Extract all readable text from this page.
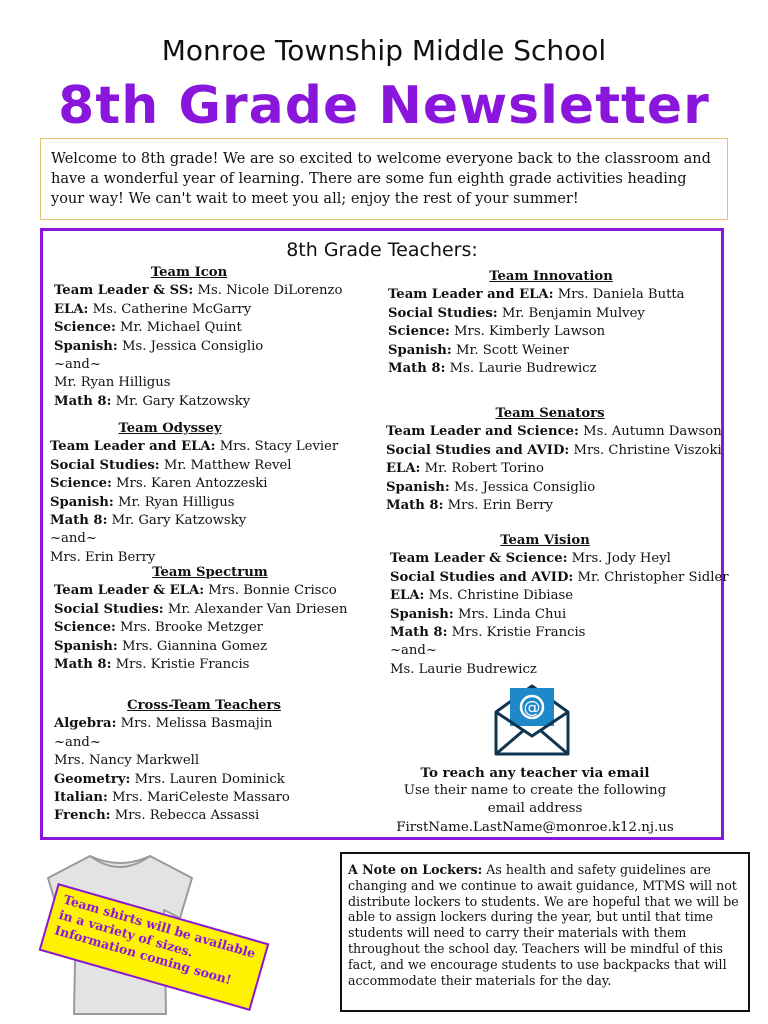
Monroe Township Middle School
8th Grade Newsletter
Welcome to 8th grade! We are so excited to welcome everyone back to the classroom and have a wonderful year of learning. There are some fun eighth grade activities heading your way! We can't wait to meet you all; enjoy the rest of your summer!
8th Grade Teachers:
Team Icon
Team Leader & SS: Ms. Nicole DiLorenzo
ELA: Ms. Catherine McGarry
Science: Mr. Michael Quint
Spanish: Ms. Jessica Consiglio
~and~
Mr. Ryan Hilligus
Math 8: Mr. Gary Katzowsky
Team Odyssey
Team Leader and ELA: Mrs. Stacy Levier
Social Studies: Mr. Matthew Revel
Science: Mrs. Karen Antozzeski
Spanish: Mr. Ryan Hilligus
Math 8: Mr. Gary Katzowsky
~and~
Mrs. Erin Berry
Team Spectrum
Team Leader & ELA: Mrs. Bonnie Crisco
Social Studies: Mr. Alexander Van Driesen
Science: Mrs. Brooke Metzger
Spanish: Mrs. Giannina Gomez
Math 8: Mrs. Kristie Francis
Cross-Team Teachers
Algebra: Mrs. Melissa Basmajin
~and~
Mrs. Nancy Markwell
Geometry: Mrs. Lauren Dominick
Italian: Mrs. MariCeleste Massaro
French: Mrs. Rebecca Assassi
Team Innovation
Team Leader and ELA: Mrs. Daniela Butta
Social Studies: Mr. Benjamin Mulvey
Science: Mrs. Kimberly Lawson
Spanish: Mr. Scott Weiner
Math 8: Ms. Laurie Budrewicz
Team Senators
Team Leader and Science: Ms. Autumn Dawson
Social Studies and AVID: Mrs. Christine Viszoki
ELA: Mr. Robert Torino
Spanish: Ms. Jessica Consiglio
Math 8: Mrs. Erin Berry
Team Vision
Team Leader & Science: Mrs. Jody Heyl
Social Studies and AVID: Mr. Christopher Sidler
ELA: Ms. Christine Dibiase
Spanish: Mrs. Linda Chui
Math 8: Mrs. Kristie Francis
~and~
Ms. Laurie Budrewicz
@
To reach any teacher via email
Use their name to create the following
email address
FirstName.LastName@monroe.k12.nj.us
Team shirts will be available in a variety of sizes. Information coming soon!
A Note on Lockers: As health and safety guidelines are changing and we continue to await guidance, MTMS will not distribute lockers to students. We are hopeful that we will be able to assign lockers during the year, but until that time students will need to carry their materials with them throughout the school day. Teachers will be mindful of this fact, and we encourage students to use backpacks that will accommodate their materials for the day.
